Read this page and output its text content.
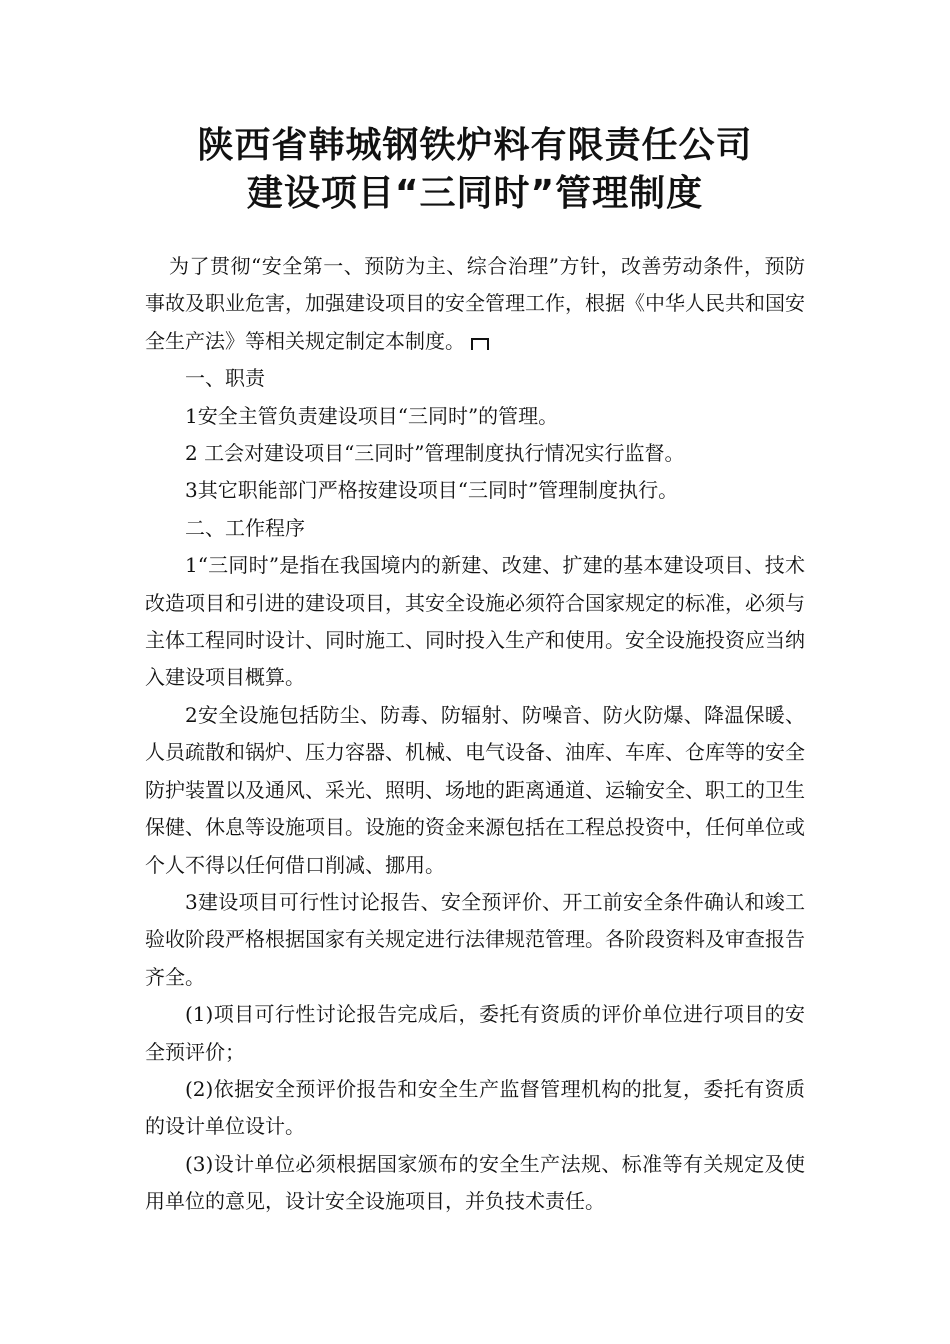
陕西省韩城钢铁炉料有限责任公司
建设项目“三同时”管理制度

为了贯彻“安全第一、预防为主、综合治理”方针，改善劳动条件，预防事故及职业危害，加强建设项目的安全管理工作，根据《中华人民共和国安全生产法》等相关规定制定本制度。

一、职责

1安全主管负责建设项目“三同时”的管理。

2 工会对建设项目“三同时”管理制度执行情况实行监督。

3其它职能部门严格按建设项目“三同时”管理制度执行。

二、工作程序

1“三同时”是指在我国境内的新建、改建、扩建的基本建设项目、技术改造项目和引进的建设项目，其安全设施必须符合国家规定的标准，必须与主体工程同时设计、同时施工、同时投入生产和使用。安全设施投资应当纳入建设项目概算。

2安全设施包括防尘、防毒、防辐射、防噪音、防火防爆、降温保暖、人员疏散和锅炉、压力容器、机械、电气设备、油库、车库、仓库等的安全防护装置以及通风、采光、照明、场地的距离通道、运输安全、职工的卫生保健、休息等设施项目。设施的资金来源包括在工程总投资中，任何单位或个人不得以任何借口削减、挪用。

3建设项目可行性讨论报告、安全预评价、开工前安全条件确认和竣工验收阶段严格根据国家有关规定进行法律规范管理。各阶段资料及审查报告齐全。

(1)项目可行性讨论报告完成后，委托有资质的评价单位进行项目的安全预评价；

(2)依据安全预评价报告和安全生产监督管理机构的批复，委托有资质的设计单位设计。

(3)设计单位必须根据国家颁布的安全生产法规、标准等有关规定及使用单位的意见，设计安全设施项目，并负技术责任。
